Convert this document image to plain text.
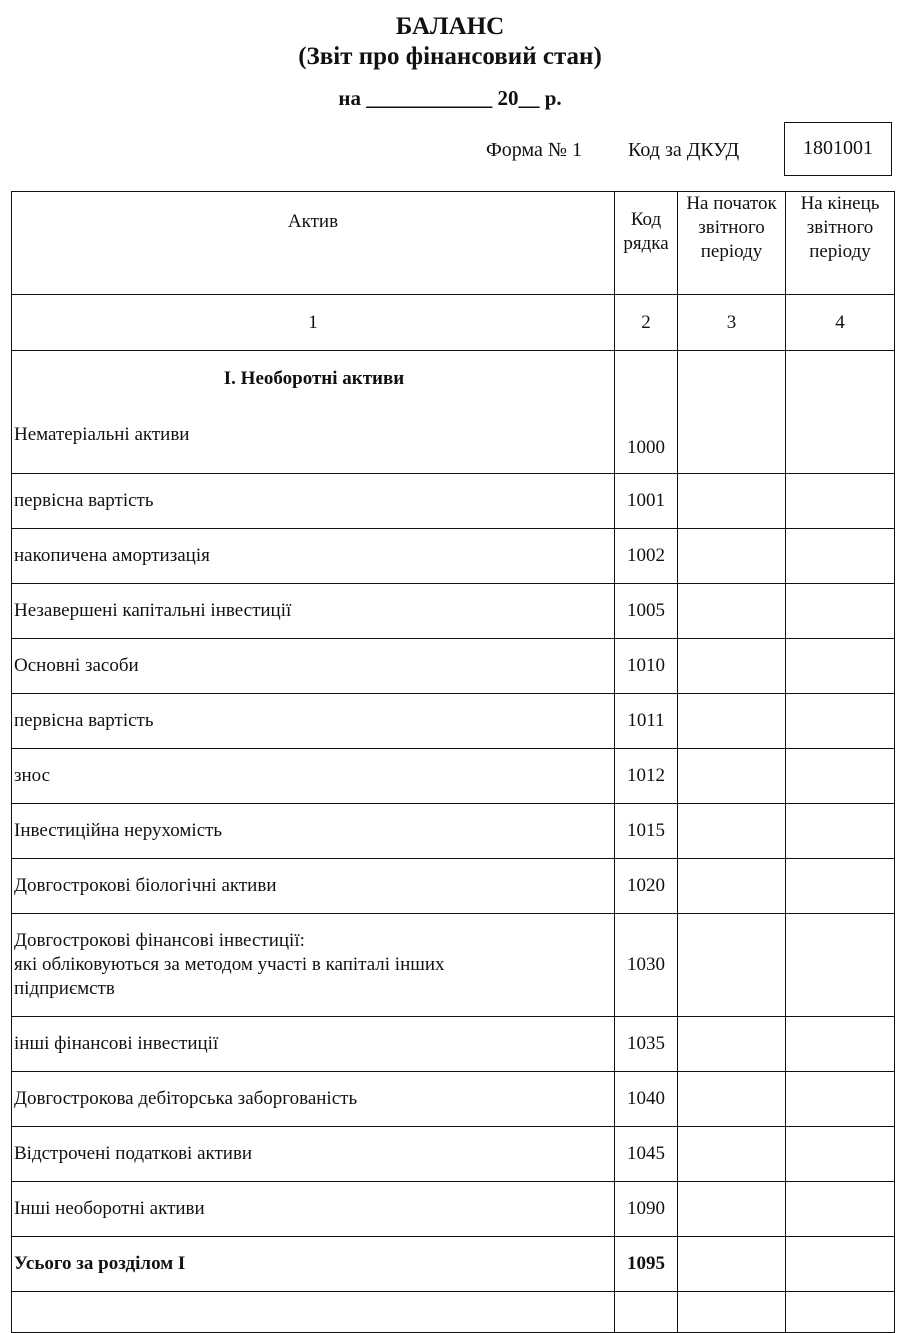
БАЛАНС
(Звіт про фінансовий стан)
на ____________ 20__ р.
Форма № 1 Код за ДКУД	1801001
Актив	Код рядка	На початок звітного періоду	На кінець звітного періоду
1	2	3	4

I. Необоротні активи
Нематеріальні активи	1000		
первісна вартість	1001		
накопичена амортизація	1002		
Незавершені капітальні інвестиції	1005		
Основні засоби	1010		
первісна вартість	1011		
знос	1012		
Інвестиційна нерухомість	1015		
Довгострокові біологічні активи	1020		

Довгострокові фінансові інвестиції:
які обліковуються за методом участі в капіталі інших
підприємств	1030		
інші фінансові інвестиції	1035		
Довгострокова дебіторська заборгованість	1040		
Відстрочені податкові активи	1045		
Інші необоротні активи	1090		
Усього за розділом I	1095		
